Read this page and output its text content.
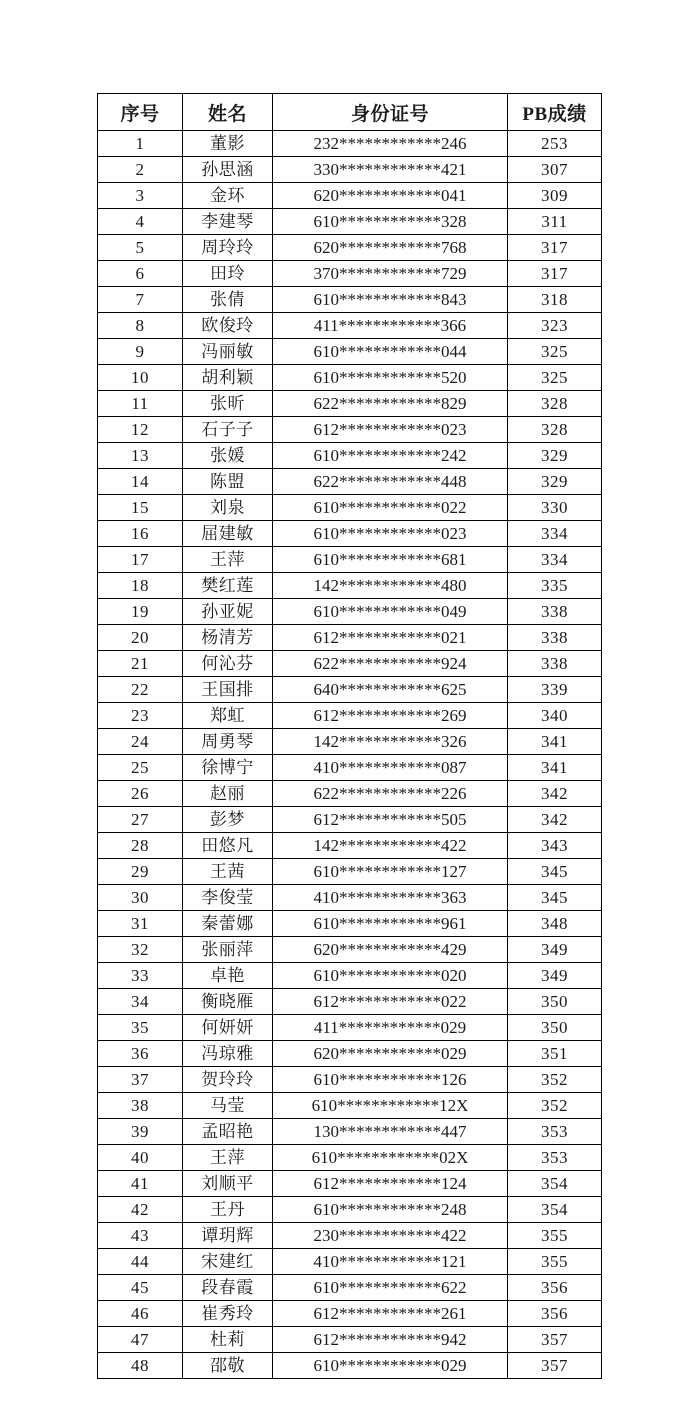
序号	姓名	身份证号	PB成绩
1	董影	232************246	253
2	孙思涵	330************421	307
3	金环	620************041	309
4	李建琴	610************328	311
5	周玲玲	620************768	317
6	田玲	370************729	317
7	张倩	610************843	318
8	欧俊玲	411************366	323
9	冯丽敏	610************044	325
10	胡利颖	610************520	325
11	张昕	622************829	328
12	石子子	612************023	328
13	张媛	610************242	329
14	陈盟	622************448	329
15	刘泉	610************022	330
16	屈建敏	610************023	334
17	王萍	610************681	334
18	樊红莲	142************480	335
19	孙亚妮	610************049	338
20	杨清芳	612************021	338
21	何沁芬	622************924	338
22	王国排	640************625	339
23	郑虹	612************269	340
24	周勇琴	142************326	341
25	徐博宁	410************087	341
26	赵丽	622************226	342
27	彭梦	612************505	342
28	田悠凡	142************422	343
29	王茜	610************127	345
30	李俊莹	410************363	345
31	秦蕾娜	610************961	348
32	张丽萍	620************429	349
33	卓艳	610************020	349
34	衡晓雁	612************022	350
35	何妍妍	411************029	350
36	冯琼雅	620************029	351
37	贺玲玲	610************126	352
38	马莹	610************12X	352
39	孟昭艳	130************447	353
40	王萍	610************02X	353
41	刘顺平	612************124	354
42	王丹	610************248	354
43	谭玥辉	230************422	355
44	宋建红	410************121	355
45	段春霞	610************622	356
46	崔秀玲	612************261	356
47	杜莉	612************942	357
48	邵敬	610************029	357
